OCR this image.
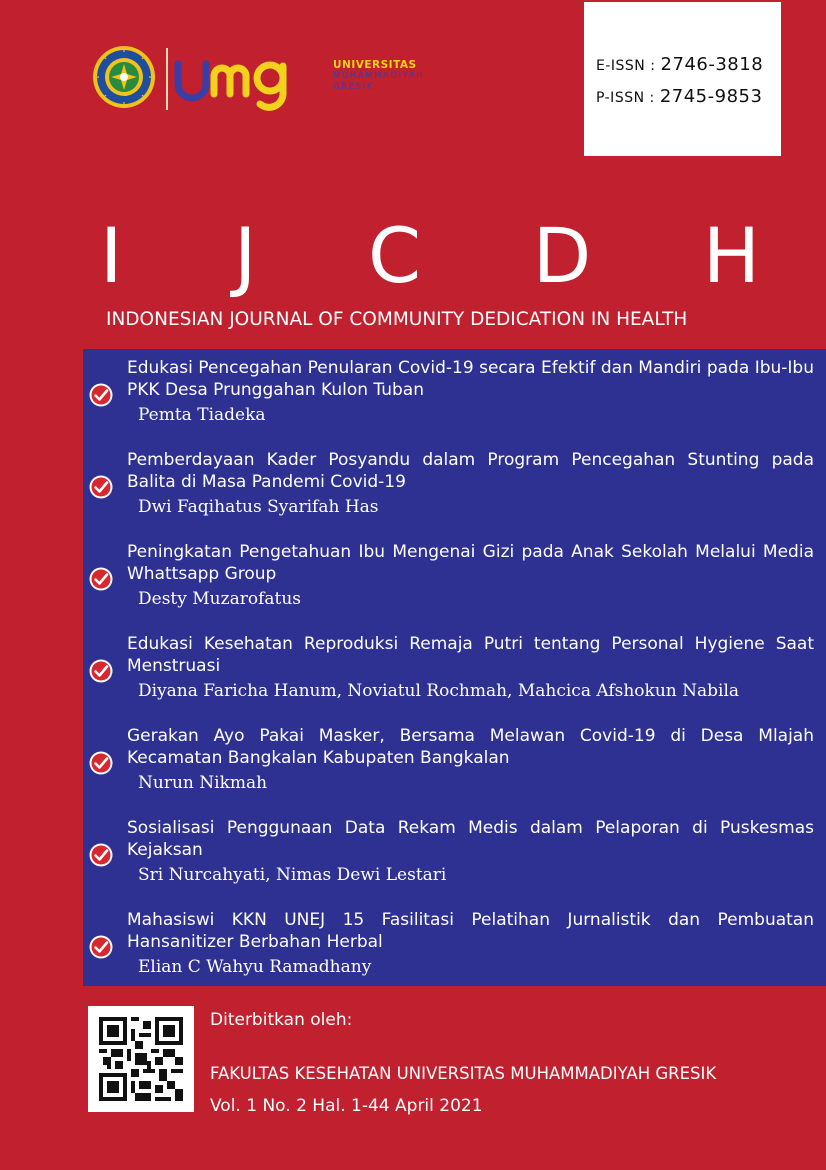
UNIVERSITAS
MUHAMMADIYAH
GRESIK
E-ISSN : 2746-3818
P-ISSN : 2745-9853
I J C D H
INDONESIAN JOURNAL OF COMMUNITY DEDICATION IN HEALTH
Edukasi Pencegahan Penularan Covid-19 secara Efektif dan Mandiri pada Ibu-Ibu PKK Desa Prunggahan Kulon Tuban
Pemta Tiadeka
Pemberdayaan Kader Posyandu dalam Program Pencegahan Stunting pada Balita di Masa Pandemi Covid-19
Dwi Faqihatus Syarifah Has
Peningkatan Pengetahuan Ibu Mengenai Gizi pada Anak Sekolah Melalui Media Whattsapp Group
Desty Muzarofatus
Edukasi Kesehatan Reproduksi Remaja Putri tentang Personal Hygiene Saat Menstruasi
Diyana Faricha Hanum, Noviatul Rochmah, Mahcica Afshokun Nabila
Gerakan Ayo Pakai Masker, Bersama Melawan Covid-19 di Desa Mlajah Kecamatan Bangkalan Kabupaten Bangkalan
Nurun Nikmah
Sosialisasi Penggunaan Data Rekam Medis dalam Pelaporan di Puskesmas Kejaksan
Sri Nurcahyati, Nimas Dewi Lestari
Mahasiswi KKN UNEJ 15 Fasilitasi Pelatihan Jurnalistik dan Pembuatan Hansanitizer Berbahan Herbal
Elian C Wahyu Ramadhany
Diterbitkan oleh:
FAKULTAS KESEHATAN UNIVERSITAS MUHAMMADIYAH GRESIK
Vol. 1 No. 2 Hal. 1-44 April 2021
